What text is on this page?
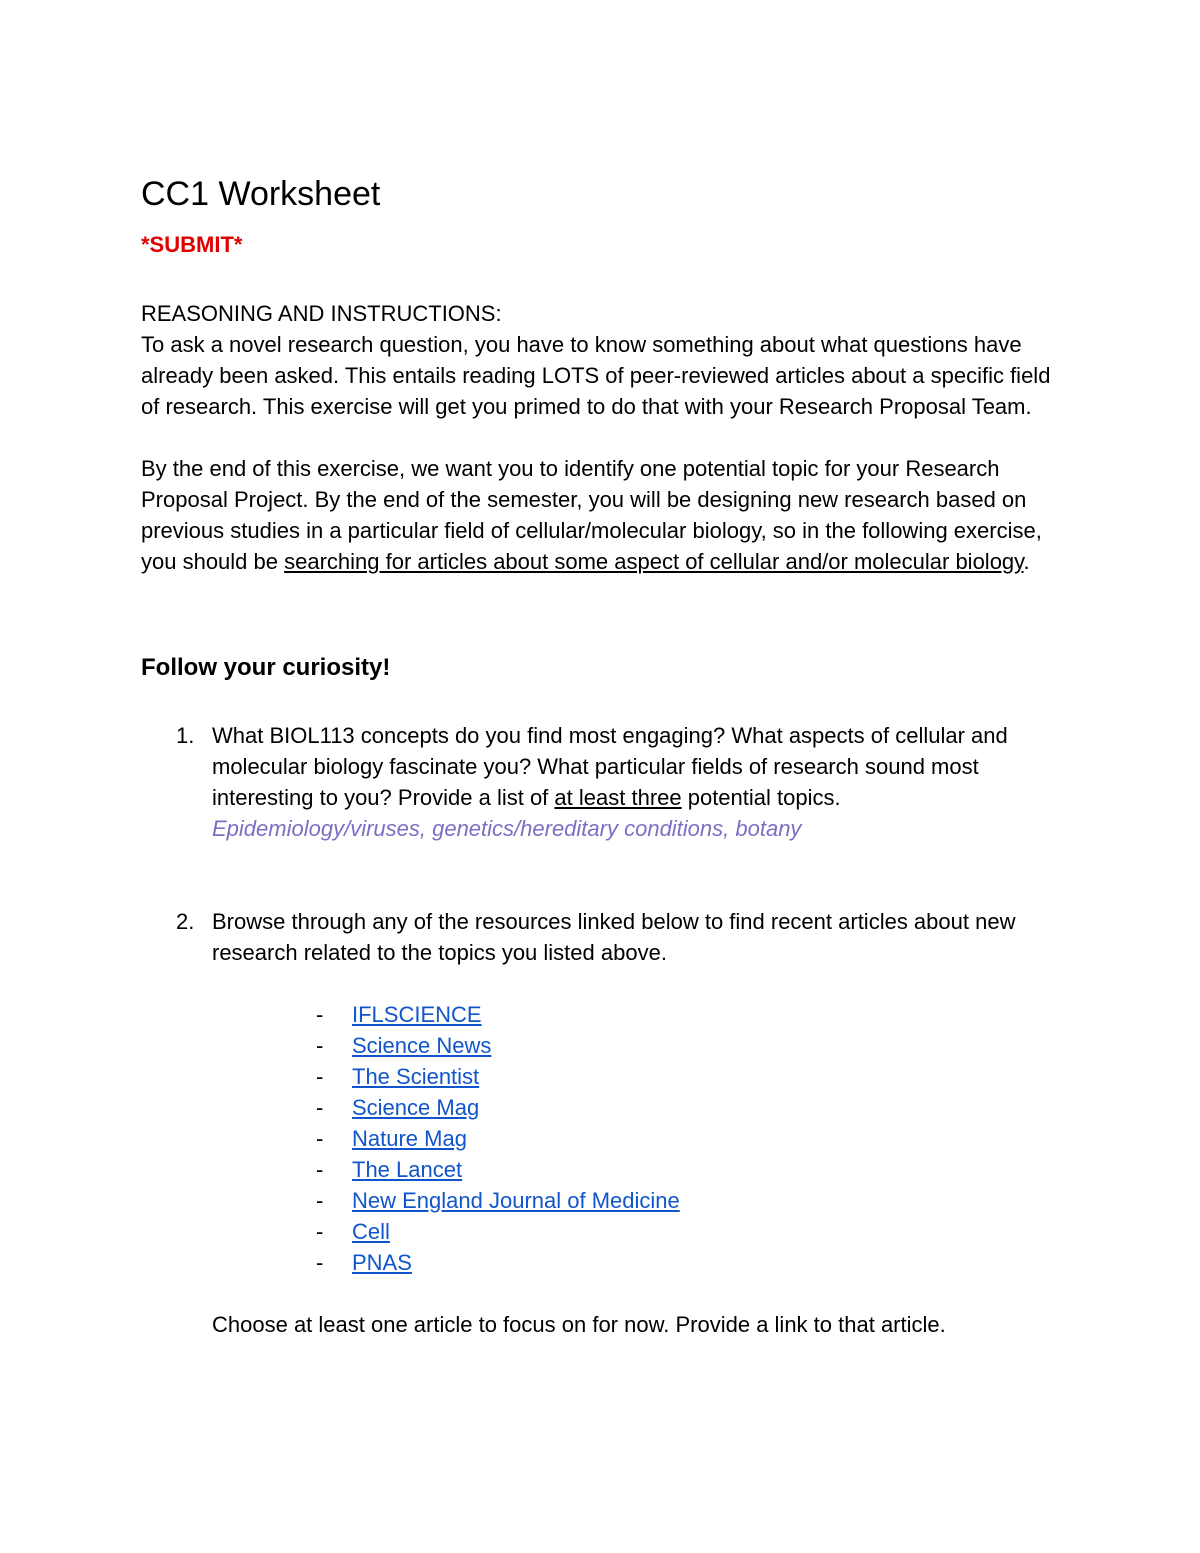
CC1 Worksheet
*SUBMIT*
REASONING AND INSTRUCTIONS:

To ask a novel research question, you have to know something about what questions have already been asked. This entails reading LOTS of peer-reviewed articles about a specific field of research. This exercise will get you primed to do that with your Research Proposal Team.

By the end of this exercise, we want you to identify one potential topic for your Research Proposal Project. By the end of the semester, you will be designing new research based on previous studies in a particular field of cellular/molecular biology, so in the following exercise, you should be searching for articles about some aspect of cellular and/or molecular biology.

Follow your curiosity!
1. What BIOL113 concepts do you find most engaging? What aspects of cellular and molecular biology fascinate you? What particular fields of research sound most interesting to you? Provide a list of at least three potential topics.
Epidemiology/viruses, genetics/hereditary conditions, botany
2. Browse through any of the resources linked below to find recent articles about new research related to the topics you listed above.
- IFLSCIENCE
- Science News
- The Scientist
- Science Mag
- Nature Mag
- The Lancet
- New England Journal of Medicine
- Cell
- PNAS
Choose at least one article to focus on for now. Provide a link to that article.
